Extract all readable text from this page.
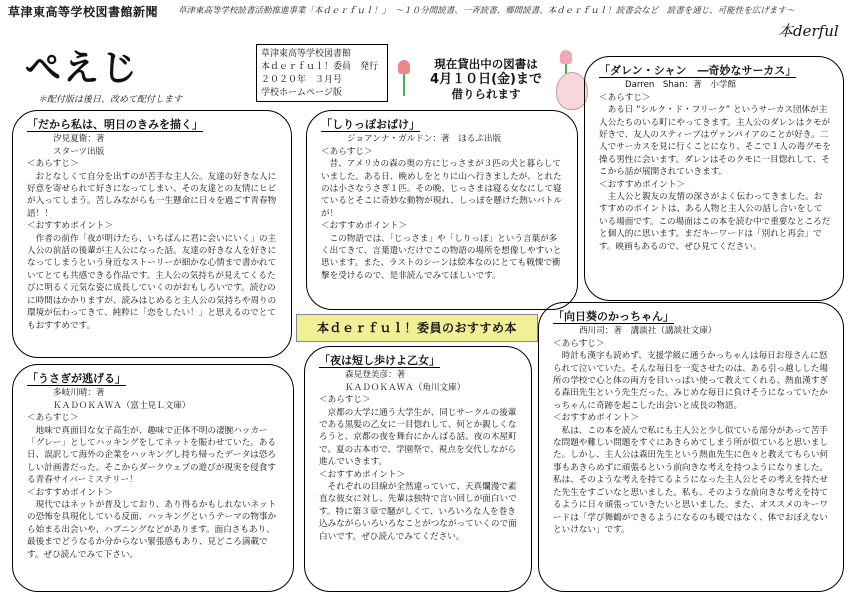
草津東高等学校図書館新聞 草津東高等学校読書活動推進事業「本ｄｅｒｆｕｌ！」　～１０分間読書、一斉読書、郷間読書、本ｄｅｒｆｕｌ！読書会など　読書を通じ、可能性を広げます～
ぺえじ
＊配付版は後日、改めて配付します
本derful
草津東高等学校図書館
本ｄｅｒｆｕｌ！委員　発行
２０２０年　３月号
学校ホームページ版
現在貸出中の図書は
4月１０日(金)まで
借りられます
「だから私は、明日のきみを描く」
汐見夏衛：著
スターツ出版
＜あらすじ＞

おとなしくて自分を出すのが苦手な主人公。友達の好きな人に好意を寄せられて好きになってしまい、その友達との友情にヒビが入ってしまう。苦しみながらも一生懸命に日々を過ごす青春物語！！

＜おすすめポイント＞

作者の前作「夜が明けたら、いちばんに君に会いにいく」の主人公の前話の後輩が主人公になった話。友達の好きな人を好きになってしまうという身近なストーリーが細かな心情まで書かれていてとても共感できる作品です。主人公の気持ちが見えてくるたびに明るく元気な姿に成長していくのがおもしろいです。読むのに時間はかかりますが、読みはじめると主人公の気持ちや周りの環境が伝わってきて、純粋に「恋をしたい！」と思えるのでとてもおすすめです。

「しりっぽおばけ」
ジョアンナ・ガルドン：著　ほるぷ出版
＜あらすじ＞

昔、アメリカの森の奥の方にじっさまが３匹の犬と暮らしていました。ある日、晩めしをとりに山へ行きましたが、とれたのは小さなうさぎ１匹。その晩、じっさまは寝る女なにして寝ているとそこに奇妙な動物が現れ、しっぽを懸けた熱いバトルが！

＜おすすめポイント＞

この物語では、「じっさま」や「しりっぽ」という言葉が多く出てきて、言葉遣いだけでこの物語の場所を想像しやすいと思います。また、ラストのシーンは絵本なのにとても戦慄で衝撃を受けるので、是非読んでみてほしいです。

「ダレン・シャン　―奇妙なサーカス」
Darren　Shan：著　小学館
＜あらすじ＞

ある日 “シルク・ド・フリーク” というサーカス団体が主人公たちのいる町にやってきます。主人公のダレンはクモが好きで、友人のスティーブはヴァンパイアのことが好き。二人でサーカスを見に行くことになり、そこで１人の毒グモを操る男性に会います。ダレンはそのクモに一目惚れして、そこから話が展開されていきます。

＜おすすめポイント＞

主人公と親友の友情の深さがよく伝わってきました。おすすめのポイントは、ある人物と主人公の話し合いをしている場面です。この場面はこの本を読む中で重要なところだと個人的に思います。まだキーワードは「別れと再会」です。映画もあるので、ぜひ見てください。

本ｄｅｒｆｕｌ！委員のおすすめ本
「うさぎが逃げる」
多岐川晴：著
ＫＡＤＯＫＡＷＡ（富士見Ｌ文庫）
＜あらすじ＞

地味で真面目な女子高生が、趣味で正体不明の凄腕ハッカー「グレー」としてハッキングをしてネットを賑わせていた。ある日、誤訳して海外の企業をハッキングし持ち帰ったデータは恐ろしい計画書だった。そこからダークウェブの遊びが現実を侵食する青春サイバーミステリー！

＜おすすめポイント＞

現代ではネットが普及しており、あり得るかもしれないネットの恐怖を具現化している反面、ハッキングというテーマの物事から始まる出会いや、ハプニングなどがあります。面白さもあり、最後までどうなるか分からない緊張感もあり、見どころ満載です。ぜひ読んでみて下さい。

「夜は短し歩けよ乙女」
森見登美彦：著
ＫＡＤＯＫＡＷＡ（角川文庫）
＜あらすじ＞

京都の大学に通う大学生が、同じサークルの後輩である黒髪の乙女に一目惚れして、何とか親しくなろうと、京都の夜を舞台にかんばる話。夜の木屋町で、夏の古本市で、学園祭で、視点を交代しながら進んでいきます。

＜おすすめポイント＞

それぞれの目線が全然違っていて、天真爛漫で素直な彼女に対し、先輩は独特で言い回しが面白いです。特に第３章で騒がしくて、いろいろな人を巻き込みながらいろいろなことがつながっていくので面白いです。ぜひ読んでみてください。

「向日葵のかっちゃん」
西川司：著　講談社（講談社文庫）
＜あらすじ＞

時計も漢字も読めず、支援学級に通うかっちゃんは毎日お母さんに怒られて泣いていた。そんな毎日を一変させたのは、ある引っ越しした場所の学校で心と体の両方を目いっぱい使って教えてくれる、熱血漢すぎる森田先生という先生だった。みじめな毎日に負けそうになっていたかっちゃんに奇跡を起こした出会いと成長の物語。

＜おすすめポイント＞

私は、この本を読んで私にも主人公と少し似ている部分があって苦手な問題や難しい問題をすぐにあきらめてしまう所が似ていると思いました。しかし、主人公は森田先生という熱血先生に色々と教えてもらい何事もあきらめずに頑張るという前向きな考えを持つようになりました。私は、そのような考えを持てるようになった主人公とその考えを持たせた先生をすごいなと思いました。私も、そのような前向きな考えを持てるように日々頑張っていきたいと思いました。また、オススメのキーワードは「学び舞鶴ができるようになるのも暖ではなく、体でおぼえないといけない」です。
